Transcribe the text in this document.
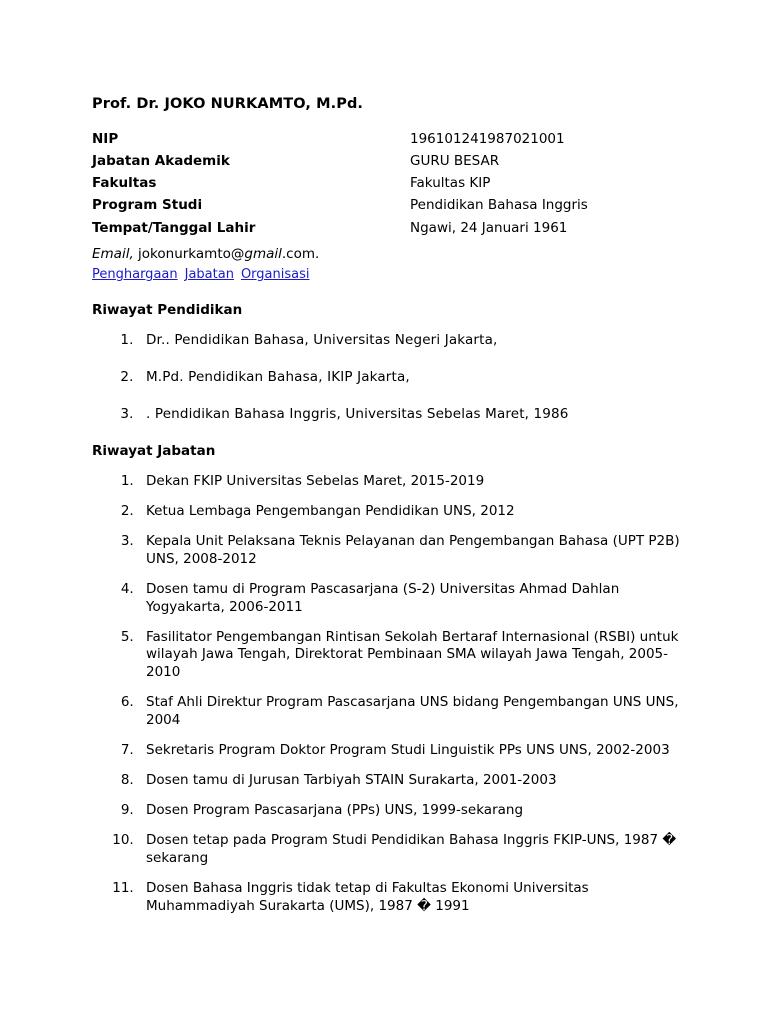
Prof. Dr. JOKO NURKAMTO, M.Pd.
NIP	196101241987021001
Jabatan Akademik	GURU BESAR
Fakultas	Fakultas KIP
Program Studi	Pendidikan Bahasa Inggris
Tempat/Tanggal Lahir	Ngawi, 24 Januari 1961
Email, jokonurkamto@gmail.com.
Penghargaan Jabatan Organisasi
Riwayat Pendidikan
1. Dr.. Pendidikan Bahasa, Universitas Negeri Jakarta,
2. M.Pd. Pendidikan Bahasa, IKIP Jakarta,
3. . Pendidikan Bahasa Inggris, Universitas Sebelas Maret, 1986
Riwayat Jabatan
1. Dekan FKIP Universitas Sebelas Maret, 2015-2019
2. Ketua Lembaga Pengembangan Pendidikan UNS, 2012
3. Kepala Unit Pelaksana Teknis Pelayanan dan Pengembangan Bahasa (UPT P2B) UNS, 2008-2012
4. Dosen tamu di Program Pascasarjana (S-2) Universitas Ahmad Dahlan Yogyakarta, 2006-2011
5. Fasilitator Pengembangan Rintisan Sekolah Bertaraf Internasional (RSBI) untuk wilayah Jawa Tengah, Direktorat Pembinaan SMA wilayah Jawa Tengah, 2005-2010
6. Staf Ahli Direktur Program Pascasarjana UNS bidang Pengembangan UNS UNS, 2004
7. Sekretaris Program Doktor Program Studi Linguistik PPs UNS UNS, 2002-2003
8. Dosen tamu di Jurusan Tarbiyah STAIN Surakarta, 2001-2003
9. Dosen Program Pascasarjana (PPs) UNS, 1999-sekarang
10. Dosen tetap pada Program Studi Pendidikan Bahasa Inggris FKIP-UNS, 1987 � sekarang
11. Dosen Bahasa Inggris tidak tetap di Fakultas Ekonomi Universitas Muhammadiyah Surakarta (UMS), 1987 � 1991
